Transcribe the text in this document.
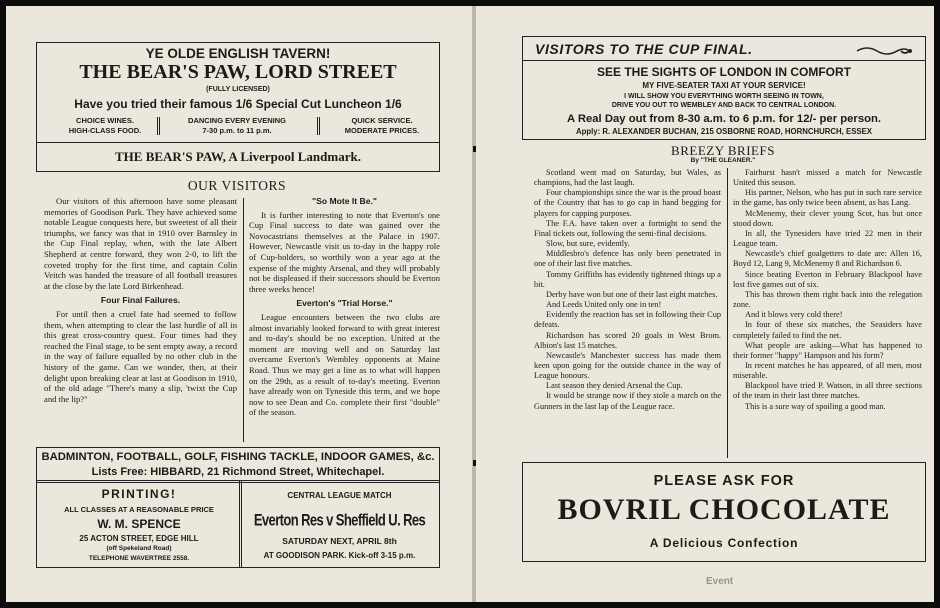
YE OLDE ENGLISH TAVERN!
THE BEAR'S PAW, LORD STREET
(FULLY LICENSED)
Have you tried their famous 1/6 Special Cut Luncheon 1/6
CHOICE WINES.
HIGH-CLASS FOOD.
DANCING EVERY EVENING
7-30 p.m. to 11 p.m.
QUICK SERVICE.
MODERATE PRICES.
THE BEAR'S PAW, A Liverpool Landmark.
OUR VISITORS

Our visitors of this afternoon have some pleasant memories of Goodison Park. They have achieved some notable League conquests here, but sweetest of all their triumphs, we fancy was that in 1910 over Barnsley in the Cup Final replay, when, with the late Albert Shepherd at centre forward, they won 2-0, to lift the coveted trophy for the first time, and captain Colin Veitch was handed the treasure of all football treasures at the close by the late Lord Birkenhead.

Four Final Failures.

For until then a cruel fate had seemed to follow them, when attempting to clear the last hurdle of all in this great cross-country quest. Four times had they reached the Final stage, to be sent empty away, a record in the way of failure equalled by no other club in the history of the game. Can we wonder, then, at their delight upon breaking clear at last at Goodison in 1910, of the old adage "There's many a slip, 'twixt the Cup and the lip?"

"So Mote It Be."

It is further interesting to note that Everton's one Cup Final success to date was gained over the Novocastrians themselves at the Palace in 1907. However, Newcastle visit us to-day in the happy role of Cup-holders, so worthily won a year ago at the expense of the mighty Arsenal, and they will probably not be displeased if their successors should be Everton three weeks hence!

Everton's "Trial Horse."

League encounters between the two clubs are almost invariably looked forward to with great interest and to-day's should be no exception. United at the moment are moving well and on Saturday last overcame Everton's Wembley opponents at Maine Road. Thus we may get a line as to what will happen on the 29th, as a result of to-day's meeting. Everton have already won on Tyneside this term, and we hope now to see Dean and Co. complete their first "double" of the season.

BADMINTON, FOOTBALL, GOLF, FISHING TACKLE, INDOOR GAMES, &c.
Lists Free: HIBBARD, 21 Richmond Street, Whitechapel.
PRINTING!
ALL CLASSES AT A REASONABLE PRICE
W. M. SPENCE
25 ACTON STREET, EDGE HILL
(off Spekeland Road)
TELEPHONE WAVERTREE 2558.
CENTRAL LEAGUE MATCH
Everton Res v Sheffield U. Res
SATURDAY NEXT, APRIL 8th
AT GOODISON PARK. Kick-off 3-15 p.m.
VISITORS TO THE CUP FINAL.
SEE THE SIGHTS OF LONDON IN COMFORT
MY FIVE-SEATER TAXI AT YOUR SERVICE!
I WILL SHOW YOU EVERYTHING WORTH SEEING IN TOWN,
DRIVE YOU OUT TO WEMBLEY AND BACK TO CENTRAL LONDON.
A Real Day out from 8-30 a.m. to 6 p.m. for 12/- per person.
Apply: R. ALEXANDER BUCHAN, 215 OSBORNE ROAD, HORNCHURCH, ESSEX
BREEZY BRIEFS
By "THE GLEANER."

Scotland went mad on Saturday, but Wales, as champions, had the last laugh.

Four championships since the war is the proud boast of the Country that has to go cap in hand begging for players for capping purposes.

The F.A. have taken over a fortnight to send the Final tickets out, following the semi-final decisions.

Slow, but sure, evidently.

Middlesbro's defence has only been penetrated in one of their last five matches.

Tommy Griffiths has evidently tightened things up a bit.

Derby have won but one of their last eight matches.

And Leeds United only one in ten!

Evidently the reaction has set in following their Cup defeats.

Richardson has scored 20 goals in West Brom. Albion's last 15 matches.

Newcastle's Manchester success has made them keen upon going for the outside chance in the way of League honours.

Last season they denied Arsenal the Cup.

It would be strange now if they stole a march on the Gunners in the last lap of the League race.

Fairhurst hasn't missed a match for Newcastle United this season.

His partner, Nelson, who has put in such rare service in the game, has only twice been absent, as has Lang.

McMenemy, their clever young Scot, has but once stood down.

In all, the Tynesiders have tried 22 men in their League team.

Newcastle's chief goalgetters to date are: Allen 16, Boyd 12, Lang 9, McMenemy 8 and Richardson 6.

Since beating Everton in February Blackpool have lost five games out of six.

This has thrown them right back into the relegation zone.

And it blows very cold there!

In four of these six matches, the Seasiders have completely failed to find the net.

What people are asking—What has happened to their former "happy" Hampson and his form?

In recent matches he has appeared, of all men, most miserable.

Blackpool have tried P. Watson, in all three sections of the team in their last three matches.

This is a sure way of spoiling a good man.

PLEASE ASK FOR
BOVRIL CHOCOLATE
A Delicious Confection
Event
